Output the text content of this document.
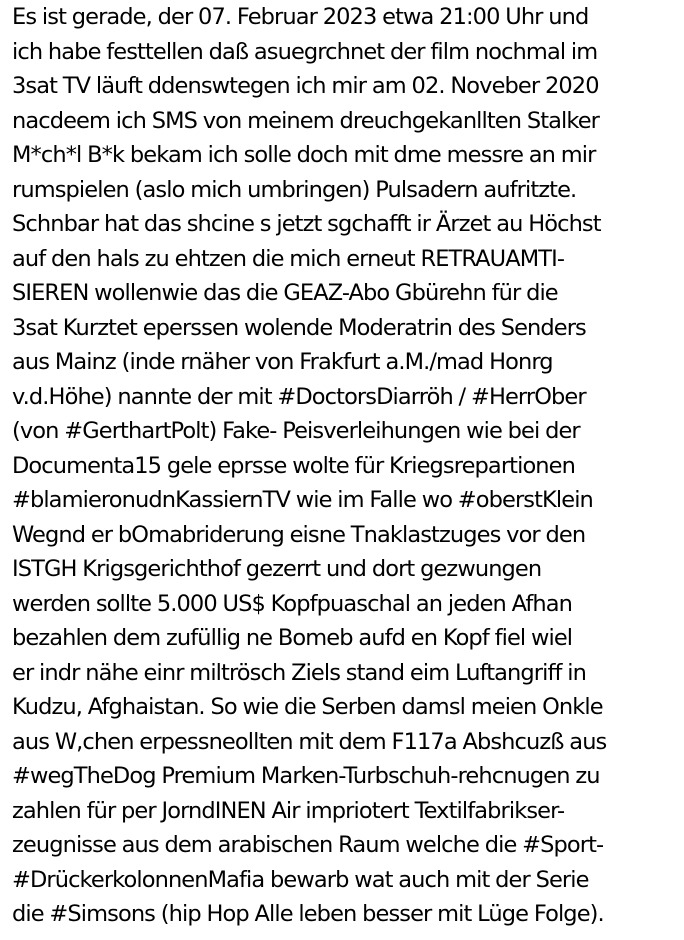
Es ist gerade, der 07. Februar 2023 etwa 21:00 Uhr und
ich habe festtellen daß asuegrchnet der film nochmal im
3sat TV läuft ddenswtegen ich mir am 02. Noveber 2020
nacdeem ich SMS von meinem dreuchgekanllten Stalker
M*ch*l B*k bekam ich solle doch mit dme messre an mir
rumspielen (aslo mich umbringen) Pulsadern aufritzte.
Schnbar hat das shcine s jetzt sgchafft ir Ärzet au Höchst
auf den hals zu ehtzen die mich erneut RETRAUAMTI-
SIEREN wollenwie das die GEAZ-Abo Gbürehn für die
3sat Kurztet eperssen wolende Moderatrin des Senders
aus Mainz (inde rnäher von Frakfurt a.M./mad Honrg
v.d.Höhe) nannte der mit #DoctorsDiarröh / #HerrOber
(von #GerthartPolt) Fake- Peisverleihungen wie bei der
Documenta15 gele eprsse wolte für Kriegsrepartionen
#blamieronudnKassiernTV wie im Falle wo #oberstKlein
Wegnd er bOmabriderung eisne Tnaklastzuges vor den
ISTGH Krigsgerichthof gezerrt und dort gezwungen
werden sollte 5.000 US$ Kopfpuaschal an jeden Afhan
bezahlen dem zufüllig ne Bomeb aufd en Kopf fiel wiel
er indr nähe einr miltrösch Ziels stand eim Luftangriff in
Kudzu, Afghaistan. So wie die Serben damsl meien Onkle
aus W,chen erpessneollten mit dem F117a Abshcuzß aus
#wegTheDog Premium Marken-Turbschuh-rehcnugen zu
zahlen für per JorndINEN Air impriotert Textilfabrikser-
zeugnisse aus dem arabischen Raum welche die #Sport-
#DrückerkolonnenMafia bewarb wat auch mit der Serie
die #Simsons (hip Hop Alle leben besser mit Lüge Folge).
